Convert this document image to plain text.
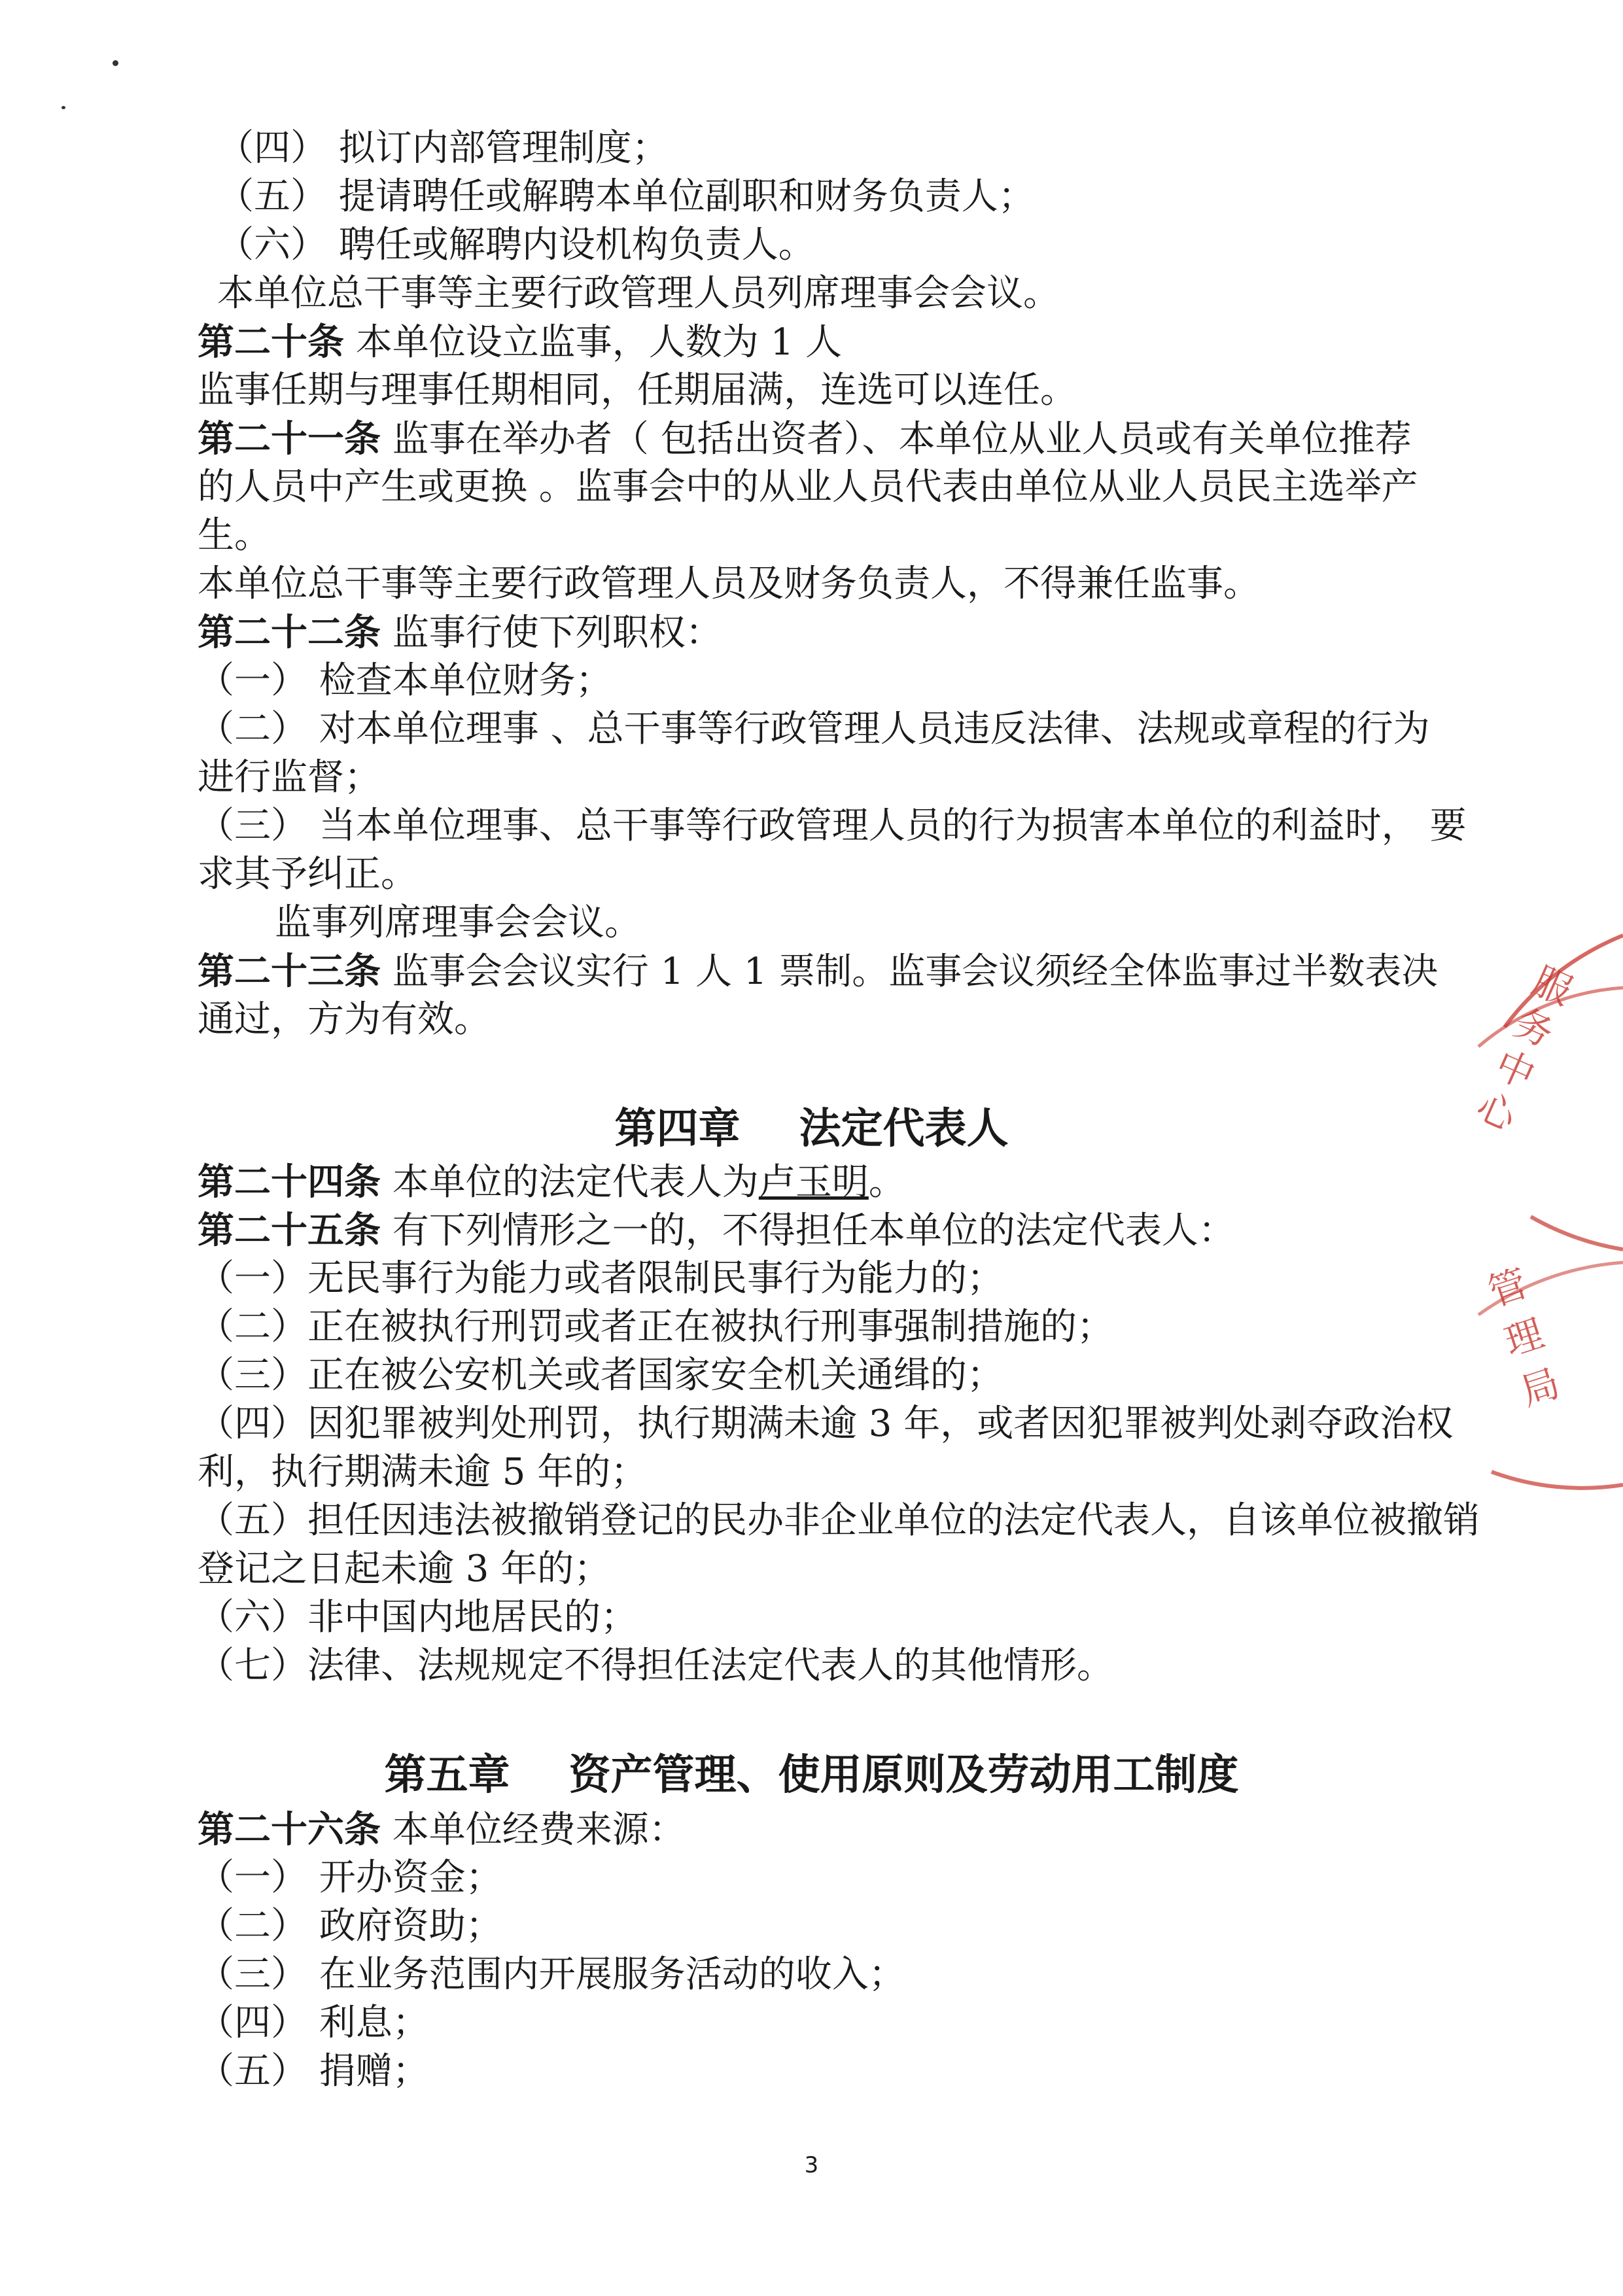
（四） 拟订内部管理制度；
（五） 提请聘任或解聘本单位副职和财务负责人；
（六） 聘任或解聘内设机构负责人。
本单位总干事等主要行政管理人员列席理事会会议。
第二十条 本单位设立监事，人数为 1 人
监事任期与理事任期相同，任期届满，连选可以连任。
第二十一条 监事在举办者（ 包括出资者）、本单位从业人员或有关单位推荐
的人员中产生或更换 。监事会中的从业人员代表由单位从业人员民主选举产
生。
本单位总干事等主要行政管理人员及财务负责人，不得兼任监事。
第二十二条 监事行使下列职权：
（一） 检查本单位财务；
（二） 对本单位理事 、总干事等行政管理人员违反法律、法规或章程的行为
进行监督；
（三） 当本单位理事、总干事等行政管理人员的行为损害本单位的利益时， 要
求其予纠正。
监事列席理事会会议。
第二十三条 监事会会议实行 1 人 1 票制。监事会议须经全体监事过半数表决
通过，方为有效。
第四章 法定代表人
第二十四条 本单位的法定代表人为卢玉明。
第二十五条 有下列情形之一的，不得担任本单位的法定代表人：
（一）无民事行为能力或者限制民事行为能力的；
（二）正在被执行刑罚或者正在被执行刑事强制措施的；
（三）正在被公安机关或者国家安全机关通缉的；
（四）因犯罪被判处刑罚，执行期满未逾 3 年，或者因犯罪被判处剥夺政治权
利，执行期满未逾 5 年的；
（五）担任因违法被撤销登记的民办非企业单位的法定代表人，自该单位被撤销
登记之日起未逾 3 年的；
（六）非中国内地居民的；
（七）法律、法规规定不得担任法定代表人的其他情形。
第五章 资产管理、使用原则及劳动用工制度
第二十六条 本单位经费来源：
（一） 开办资金；
（二） 政府资助；
（三） 在业务范围内开展服务活动的收入；
（四） 利息；
（五） 捐赠；
服务中心
管理局
3
